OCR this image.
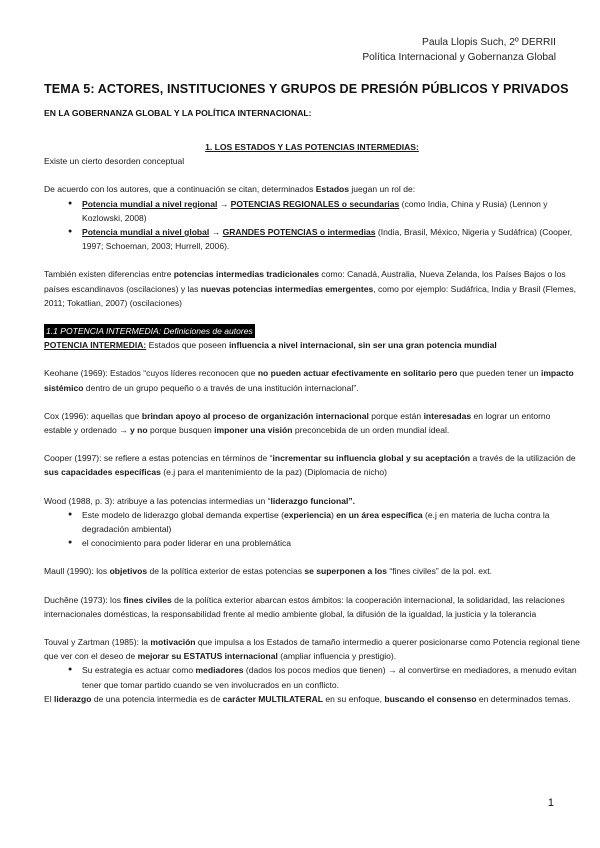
Paula Llopis Such, 2º DERRII
Política Internacional y Gobernanza Global
TEMA 5: ACTORES, INSTITUCIONES Y GRUPOS DE PRESIÓN PÚBLICOS Y PRIVADOS
EN LA GOBERNANZA GLOBAL Y LA POLÍTICA INTERNACIONAL:

1. LOS ESTADOS Y LAS POTENCIAS INTERMEDIAS:

Existe un cierto desorden conceptual

De acuerdo con los autores, que a continuación se citan, determinados Estados juegan un rol de:

● Potencia mundial a nivel regional → POTENCIAS REGIONALES o secundarias (como India, China y Rusia) (Lennon y Kozlowski, 2008)
● Potencia mundial a nivel global → GRANDES POTENCIAS o intermedias (India, Brasil, México, Nigeria y Sudáfrica) (Cooper, 1997; Schoeman, 2003; Hurrell, 2006).

También existen diferencias entre potencias intermedias tradicionales como: Canadá, Australia, Nueva Zelanda, los Países Bajos o los países escandinavos (oscilaciones) y las nuevas potencias intermedias emergentes, como por ejemplo: Sudáfrica, India y Brasil (Flemes, 2011; Tokatlian, 2007) (oscilaciones)

1.1 POTENCIA INTERMEDIA: Definiciones de autores

POTENCIA INTERMEDIA: Estados que poseen influencia a nivel internacional, sin ser una gran potencia mundial

Keohane (1969): Estados “cuyos líderes reconocen que no pueden actuar efectivamente en solitario pero que pueden tener un impacto sistémico dentro de un grupo pequeño o a través de una institución internacional”.

Cox (1996): aquellas que brindan apoyo al proceso de organización internacional porque están interesadas en lograr un entorno estable y ordenado → y no porque busquen imponer una visión preconcebida de un orden mundial ideal.

Cooper (1997): se refiere a estas potencias en términos de “incrementar su influencia global y su aceptación a través de la utilización de sus capacidades específicas (e.j para el mantenimiento de la paz) (Diplomacia de nicho)

Wood (1988, p. 3): atribuye a las potencias intermedias un “liderazgo funcional”.

● Este modelo de liderazgo global demanda expertise (experiencia) en un área específica (e.j en materia de lucha contra la degradación ambiental)
● el conocimiento para poder liderar en una problemática

Maull (1990): los objetivos de la política exterior de estas potencias se superponen a los “fines civiles” de la pol. ext.

Duchêne (1973): los fines civiles de la política exterior abarcan estos ámbitos: la cooperación internacional, la solidaridad, las relaciones internacionales domésticas, la responsabilidad frente al medio ambiente global, la difusión de la igualdad, la justicia y la tolerancia

Touval y Zartman (1985): la motivación que impulsa a los Estados de tamaño intermedio a querer posicionarse como Potencia regional tiene que ver con el deseo de mejorar su ESTATUS internacional (ampliar influencia y prestigio).

● Su estrategia es actuar como mediadores (dados los pocos medios que tienen) → al convertirse en mediadores, a menudo evitan tener que tomar partido cuando se ven involucrados en un conflicto.

El liderazgo de una potencia intermedia es de carácter MULTILATERAL en su enfoque, buscando el consenso en determinados temas.

1
